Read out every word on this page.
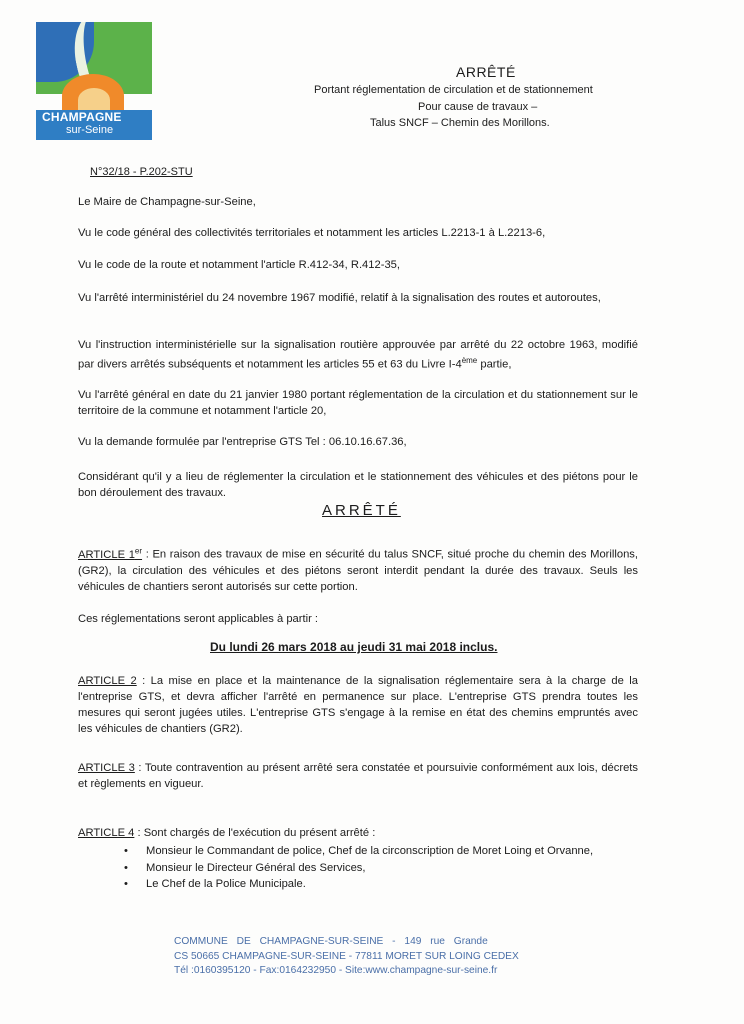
CHAMPAGNE
sur-Seine
ARRÊTÉ
Portant réglementation de circulation et de stationnement
Pour cause de travaux –
Talus SNCF – Chemin des Morillons.
N°32/18 - P.202-STU
Le Maire de Champagne-sur-Seine,
Vu le code général des collectivités territoriales et notamment les articles L.2213-1 à L.2213-6,
Vu le code de la route et notamment l'article R.412-34, R.412-35,
Vu l'arrêté interministériel du 24 novembre 1967 modifié, relatif à la signalisation des routes et autoroutes,
Vu l'instruction interministérielle sur la signalisation routière approuvée par arrêté du 22 octobre 1963, modifié par divers arrêtés subséquents et notamment les articles 55 et 63 du Livre I-4ème partie,
Vu l'arrêté général en date du 21 janvier 1980 portant réglementation de la circulation et du stationnement sur le territoire de la commune et notamment l'article 20,
Vu la demande formulée par l'entreprise GTS Tel : 06.10.16.67.36,
Considérant qu'il y a lieu de réglementer la circulation et le stationnement des véhicules et des piétons pour le bon déroulement des travaux.
ARRÊTÉ
ARTICLE 1er : En raison des travaux de mise en sécurité du talus SNCF, situé proche du chemin des Morillons, (GR2), la circulation des véhicules et des piétons seront interdit pendant la durée des travaux. Seuls les véhicules de chantiers seront autorisés sur cette portion.
Ces réglementations seront applicables à partir :
Du lundi 26 mars 2018 au jeudi 31 mai 2018 inclus.
ARTICLE 2 : La mise en place et la maintenance de la signalisation réglementaire sera à la charge de la l'entreprise GTS, et devra afficher l'arrêté en permanence sur place. L'entreprise GTS prendra toutes les mesures qui seront jugées utiles. L'entreprise GTS s'engage à la remise en état des chemins empruntés avec les véhicules de chantiers (GR2).
ARTICLE 3 : Toute contravention au présent arrêté sera constatée et poursuivie conformément aux lois, décrets et règlements en vigueur.
ARTICLE 4 : Sont chargés de l'exécution du présent arrêté :
• Monsieur le Commandant de police, Chef de la circonscription de Moret Loing et Orvanne,
• Monsieur le Directeur Général des Services,
• Le Chef de la Police Municipale.
COMMUNE DE CHAMPAGNE-SUR-SEINE - 149 rue Grande
CS 50665 CHAMPAGNE-SUR-SEINE - 77811 MORET SUR LOING CEDEX
Tél :0160395120 - Fax:0164232950 - Site:www.champagne-sur-seine.fr
